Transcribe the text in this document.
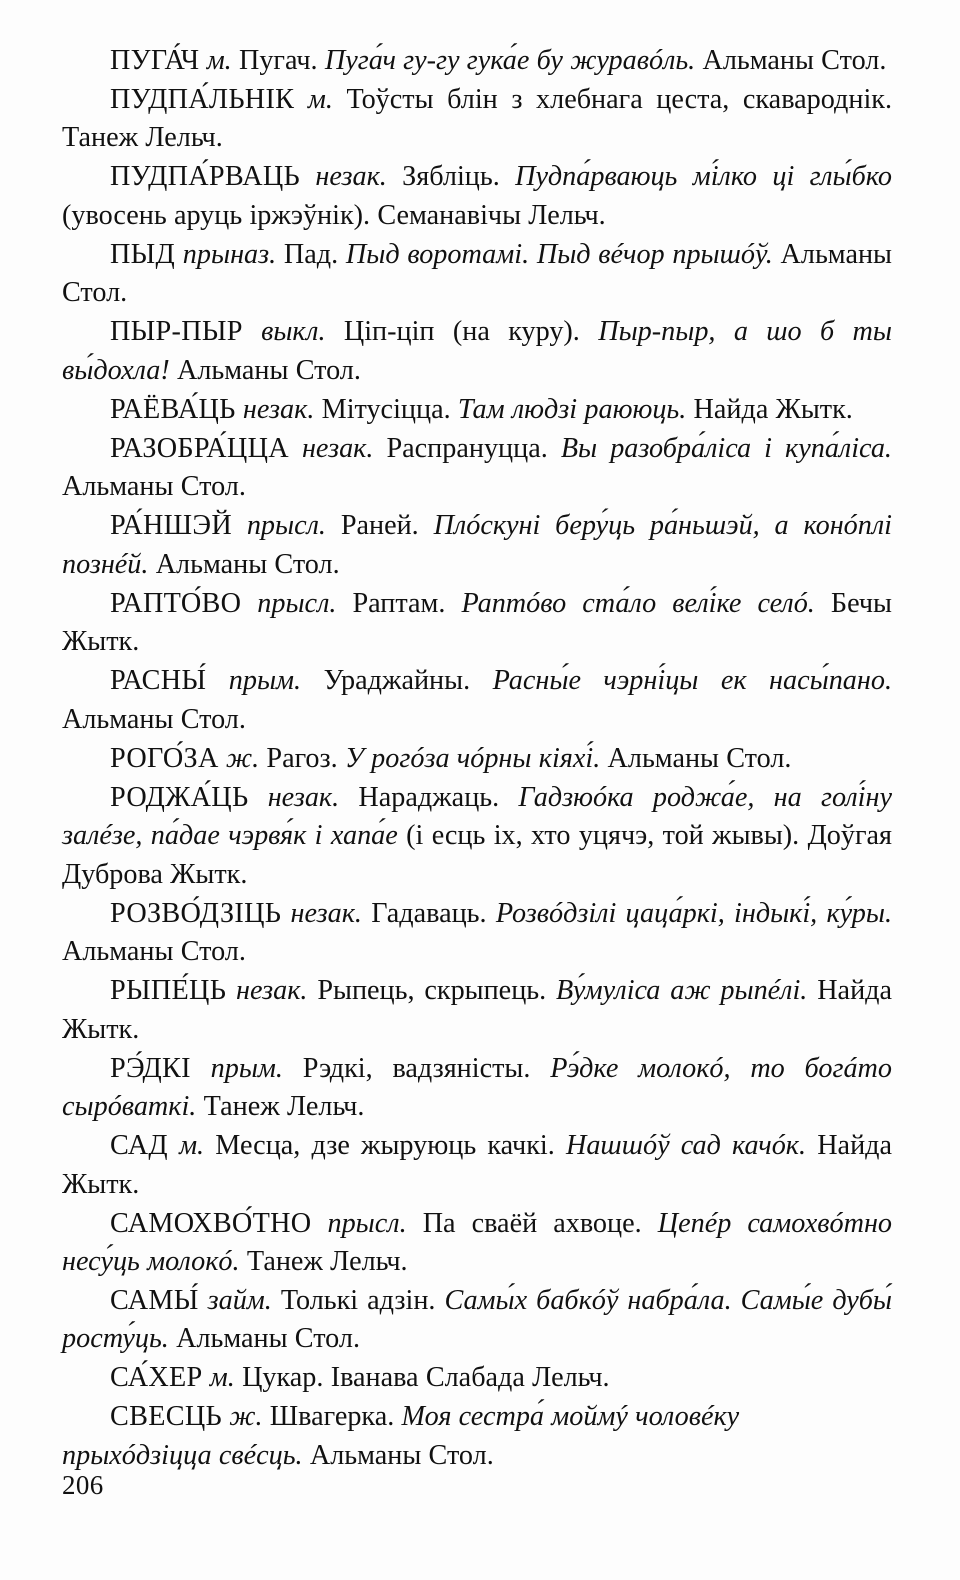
ПУГА́Ч м. Пугач. Пуга́ч гу-гу гука́е бу журавóль. Альманы Стол.

ПУДПА́ЛЬНІК м. Тоўсты блін з хлебнага цеста, скавароднік. Танеж Лельч.

ПУДПА́РВАЦЬ незак. Зябліць. Пудпа́рваюць мі́лко ці глы́бко (увосень аруць іржэўнік). Семанавічы Лельч.

ПЫД прыназ. Пад. Пыд воротамі. Пыд вéчор прышóў. Альманы Стол.

ПЫР-ПЫР выкл. Ціп-ціп (на куру). Пыр-пыр, а шо б ты вы́дохла! Альманы Стол.

РАЁВА́ЦЬ незак. Мітусіцца. Там людзі раююць. Найда Жытк.

РАЗОБРА́ЦЦА незак. Распрануцца. Вы разобра́ліса і купа́ліса. Альманы Стол.

РА́НШЭЙ прысл. Раней. Плóскуні беру́ць ра́ньшэй, а конóплі познéй. Альманы Стол.

РАПТО́ВО прысл. Раптам. Раптóво ста́ло велі́ке селó. Бечы Жытк.

РАСНЫ́ прым. Ураджайны. Расны́е чэрні́цы ек насы́пано. Альманы Стол.

РОГО́ЗА ж. Рагоз. У рогóза чóрны кіяхі́. Альманы Стол.

РОДЖА́ЦЬ незак. Нараджаць. Гадзюóка роджа́е, на голі́ну залéзе, па́дае чэрвя́к і хапа́е (і есць іх, хто уцячэ, той жывы). Доўгая Дуброва Жытк.

РОЗВО́ДЗІЦЬ незак. Гадаваць. Розвóдзілі цаца́ркі, індыкі́, ку́ры. Альманы Стол.

РЫПЕ́ЦЬ незак. Рыпець, скрыпець. Ву́муліса аж рыпéлі. Найда Жытк.

РЭ́ДКІ прым. Рэдкі, вадзяністы. Рэ́дке молокó, то богáто сырóваткі. Танеж Лельч.

САД м. Месца, дзе жыруюць качкі. Нашшóў сад качóк. Найда Жытк.

САМОХВО́ТНО прысл. Па сваёй ахвоце. Цепéр самохвóтно несу́ць молокó. Танеж Лельч.

САМЫ́ займ. Толькі адзін. Самы́х бабкóў набра́ла. Самы́е дубы́ росту́ць. Альманы Стол.

СА́ХЕР м. Цукар. Іванава Слабада Лельч.

СВЕСЦЬ ж. Швагерка. Моя сестра́ моймý чоловéку прыхóдзіцца свéсць. Альманы Стол.

206
